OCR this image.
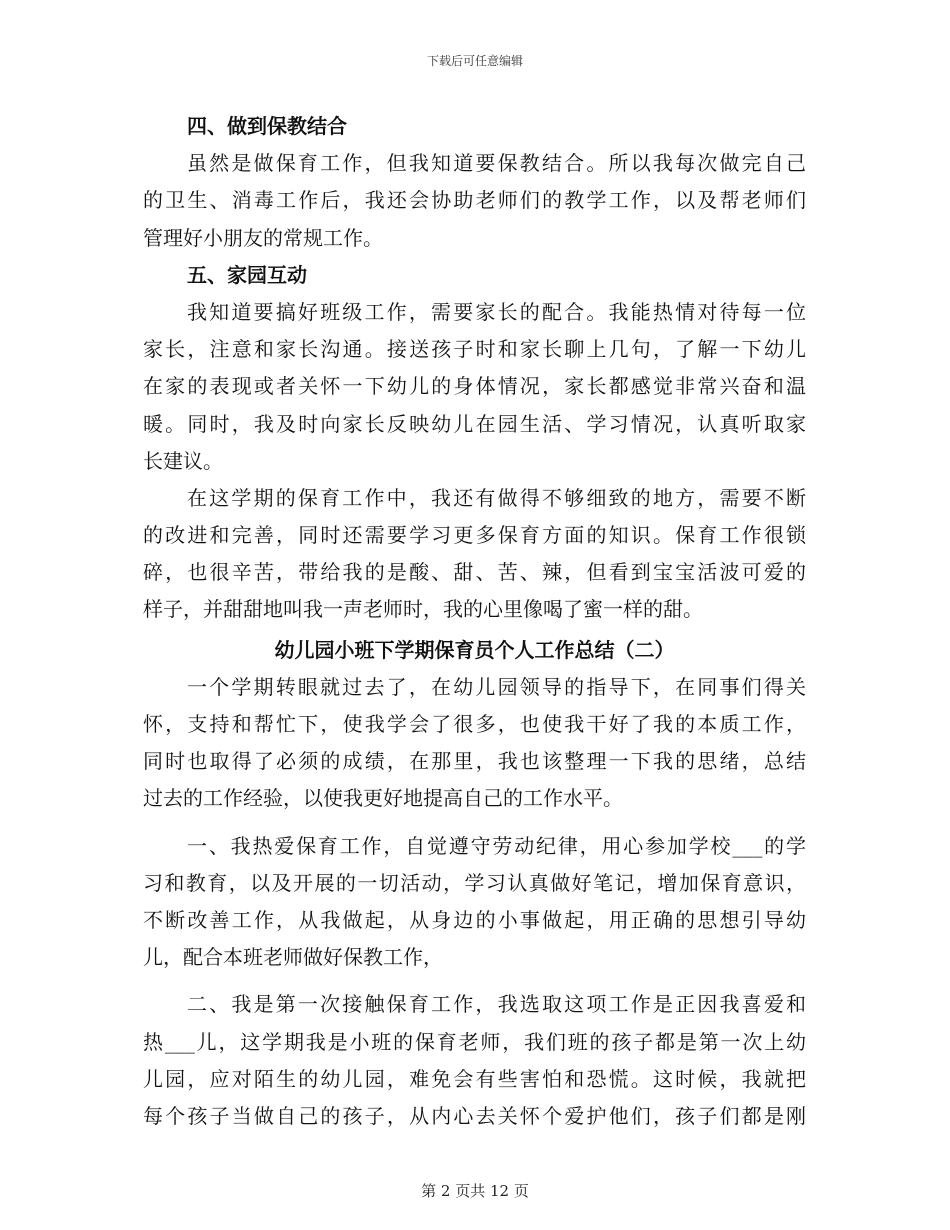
下载后可任意编辑
四、做到保教结合
虽然是做保育工作，但我知道要保教结合。所以我每次做完自己
的卫生、消毒工作后，我还会协助老师们的教学工作，以及帮老师们
管理好小朋友的常规工作。
五、家园互动
我知道要搞好班级工作，需要家长的配合。我能热情对待每一位
家长，注意和家长沟通。接送孩子时和家长聊上几句，了解一下幼儿
在家的表现或者关怀一下幼儿的身体情况，家长都感觉非常兴奋和温
暖。同时，我及时向家长反映幼儿在园生活、学习情况，认真听取家
长建议。
在这学期的保育工作中，我还有做得不够细致的地方，需要不断
的改进和完善，同时还需要学习更多保育方面的知识。保育工作很锁
碎，也很辛苦，带给我的是酸、甜、苦、辣，但看到宝宝活波可爱的
样子，并甜甜地叫我一声老师时，我的心里像喝了蜜一样的甜。
幼儿园小班下学期保育员个人工作总结（二）
一个学期转眼就过去了，在幼儿园领导的指导下，在同事们得关
怀，支持和帮忙下，使我学会了很多，也使我干好了我的本质工作，
同时也取得了必须的成绩，在那里，我也该整理一下我的思绪，总结
过去的工作经验，以使我更好地提高自己的工作水平。
一、我热爱保育工作，自觉遵守劳动纪律，用心参加学校___的学
习和教育，以及开展的一切活动，学习认真做好笔记，增加保育意识，
不断改善工作，从我做起，从身边的小事做起，用正确的思想引导幼
儿，配合本班老师做好保教工作，
二、我是第一次接触保育工作，我选取这项工作是正因我喜爱和
热___儿，这学期我是小班的保育老师，我们班的孩子都是第一次上幼
儿园，应对陌生的幼儿园，难免会有些害怕和恐慌。这时候，我就把
每个孩子当做自己的孩子，从内心去关怀个爱护他们，孩子们都是刚
第 2 页共 12 页
